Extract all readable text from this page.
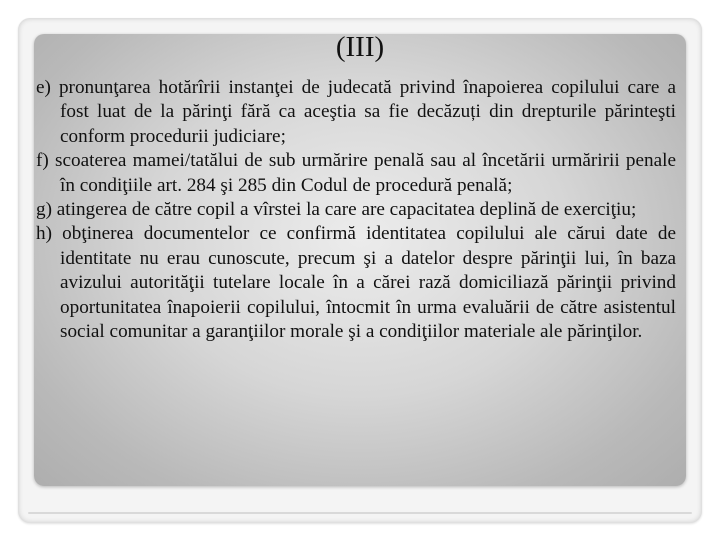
(III)
e) pronunţarea hotărîrii instanţei de judecată privind înapoierea copilului care a fost luat de la părinţi fără ca aceştia sa fie decăzuți din drepturile părinteşti conform procedurii judiciare;
f) scoaterea mamei/tatălui de sub urmărire penală sau al încetării urmăririi penale în condiţiile art. 284 şi 285 din Codul de procedură penală;
g) atingerea de către copil a vîrstei la care are capacitatea deplină de exerciţiu;
h) obţinerea documentelor ce confirmă identitatea copilului ale cărui date de identitate nu erau cunoscute, precum şi a datelor despre părinţii lui, în baza avizului autorităţii tutelare locale în a cărei rază domiciliază părinţii privind oportunitatea înapoierii copilului, întocmit în urma evaluării de către asistentul social comunitar a garanţiilor morale şi a condiţiilor materiale ale părinţilor.
